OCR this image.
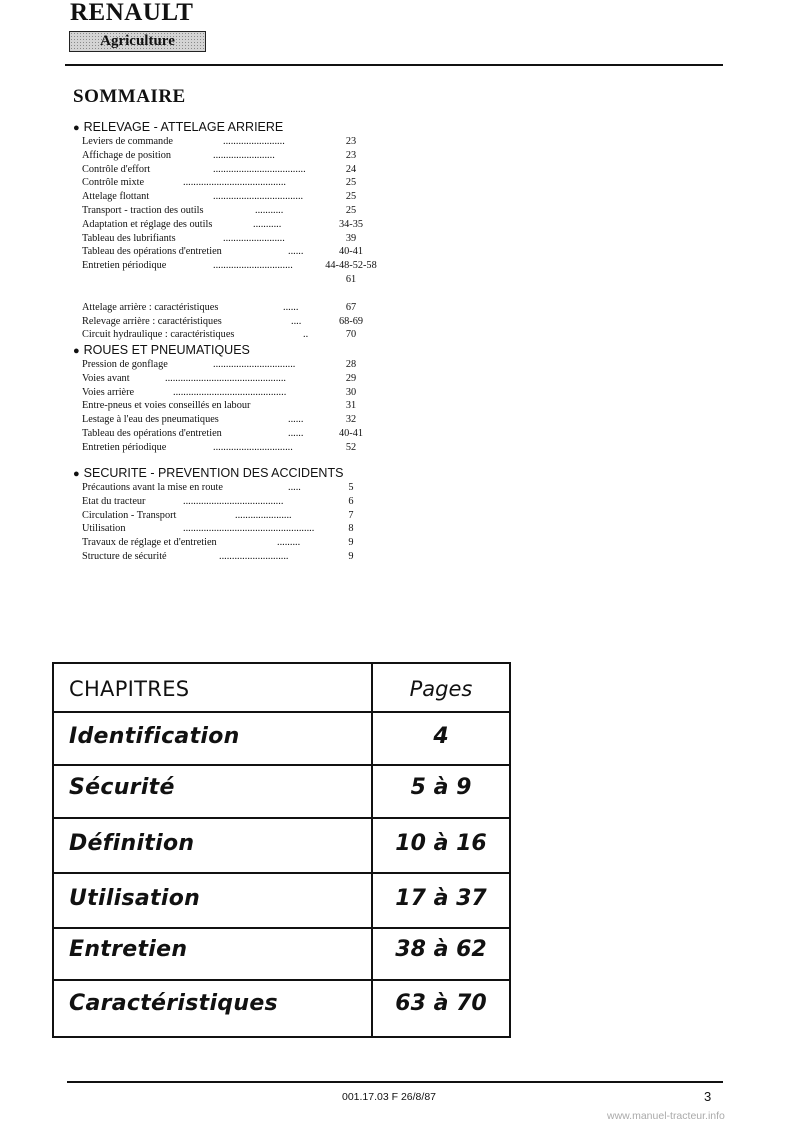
RENAULT
Agriculture
SOMMAIRE
● RELEVAGE - ATTELAGE ARRIERE
Leviers de commande	........................	23
Affichage de position	........................	23
Contrôle d'effort	....................................	24
Contrôle mixte	........................................	25
Attelage flottant	...................................	25
Transport - traction des outils	...........	25
Adaptation et réglage des outils	...........	34-35
Tableau des lubrifiants	........................	39
Tableau des opérations d'entretien	......	40-41
Entretien périodique	...............................	44-48-52-58
61
Attelage arrière : caractéristiques	......	67
Relevage arrière : caractéristiques	....	68-69
Circuit hydraulique : caractéristiques	..	70
● ROUES ET PNEUMATIQUES
Pression de gonflage	................................	28
Voies avant	...............................................	29
Voies arrière	............................................	30
Entre-pneus et voies conseillés en labour	31
Lestage à l'eau des pneumatiques	......	32
Tableau des opérations d'entretien	......	40-41
Entretien périodique	...............................	52
● SECURITE - PREVENTION DES ACCIDENTS
Précautions avant la mise en route	.....	5
Etat du tracteur	.......................................	6
Circulation - Transport	......................	7
Utilisation	...................................................	8
Travaux de réglage et d'entretien	.........	9
Structure de sécurité	...........................	9
CHAPITRES	Pages
Identification	4
Sécurité	5 à 9
Définition	10 à 16
Utilisation	17 à 37
Entretien	38 à 62
Caractéristiques	63 à 70
001.17.03 F 26/8/87	3
www.manuel-tracteur.info
